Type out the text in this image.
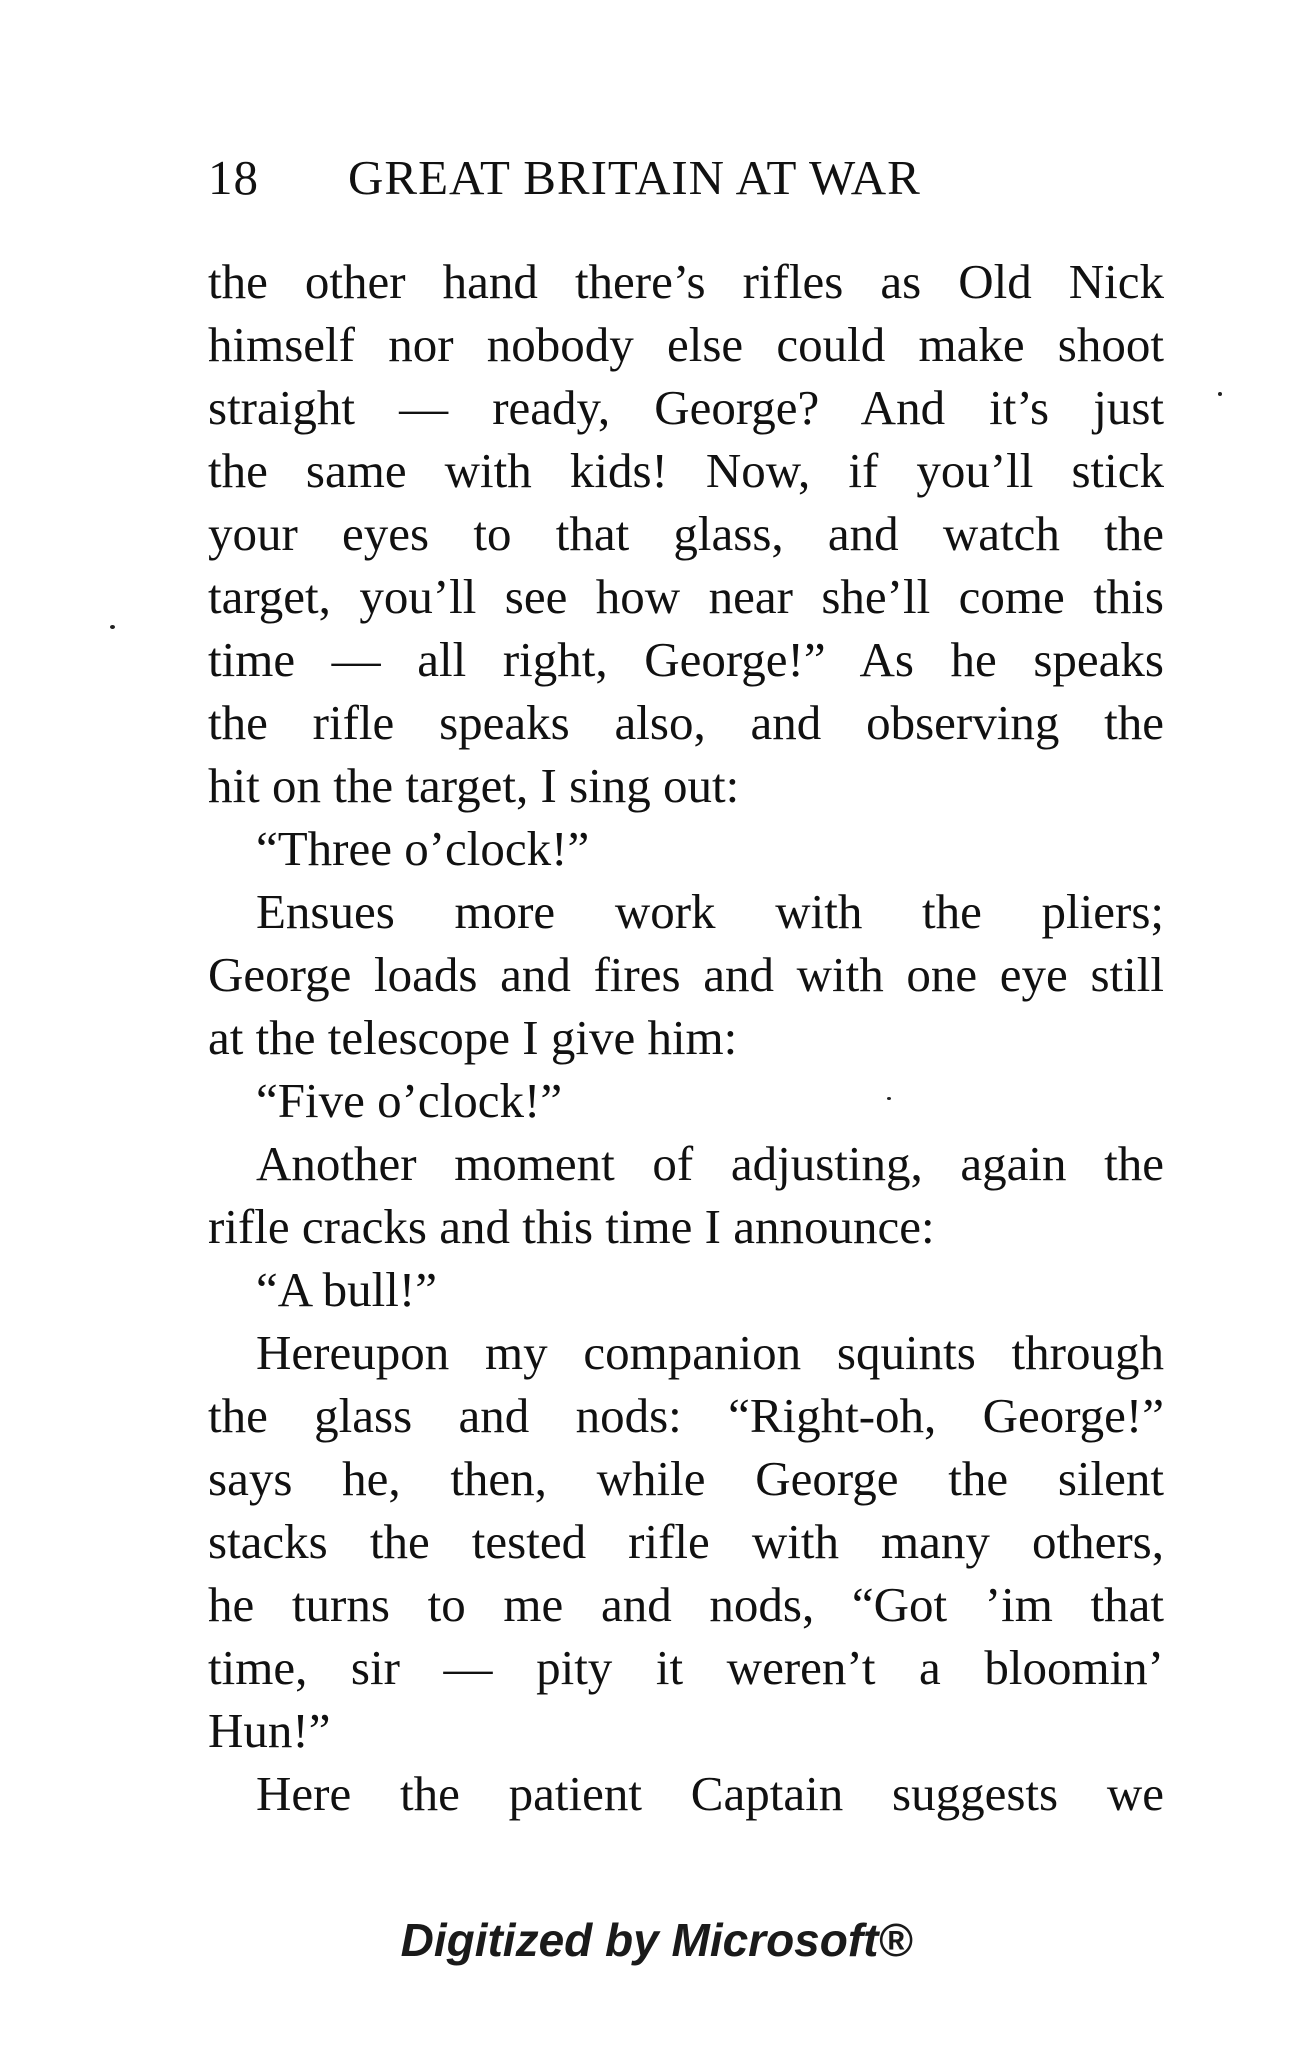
18 GREAT BRITAIN AT WAR
the other hand there’s rifles as Old Nick
himself nor nobody else could make shoot
straight — ready, George? And it’s just
the same with kids! Now, if you’ll stick
your eyes to that glass, and watch the
target, you’ll see how near she’ll come this
time — all right, George!” As he speaks
the rifle speaks also, and observing the
hit on the target, I sing out:
“Three o’clock!”
Ensues more work with the pliers;
George loads and fires and with one eye still
at the telescope I give him:
“Five o’clock!”
Another moment of adjusting, again the
rifle cracks and this time I announce:
“A bull!”
Hereupon my companion squints through
the glass and nods: “Right-oh, George!”
says he, then, while George the silent
stacks the tested rifle with many others,
he turns to me and nods, “Got ’im that
time, sir — pity it weren’t a bloomin’
Hun!”
Here the patient Captain suggests we
Digitized by Microsoft®
